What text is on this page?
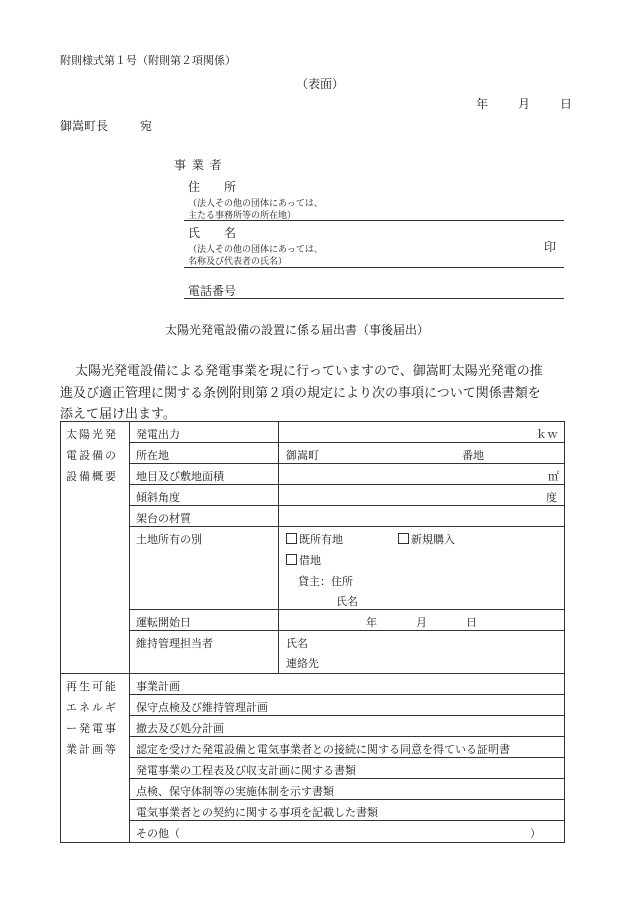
附則様式第１号（附則第２項関係）
（表面）
年 月 日
御嵩町長	宛
事 業 者
住　　所
（法人その他の団体にあっては、
主たる事務所等の所在地）
氏　　名
（法人その他の団体にあっては、
名称及び代表者の氏名）
印
電話番号
太陽光発電設備の設置に係る届出書（事後届出）
太陽光発電設備による発電事業を現に行っていますので、御嵩町太陽光発電の推
進及び適正管理に関する条例附則第２項の規定により次の事項について関係書類を
添えて届け出ます。
太陽光発
電設備の
設備概要
発電出力	ｋｗ
所在地	御嵩町	番地
地目及び敷地面積	㎡
傾斜角度	度
架台の材質
土地所有の別	既所有地	新規購入
借地
貸主：住所
氏名
運転開始日	年	月	日
維持管理担当者	氏名
連絡先
再生可能
エネルギ
ー発電事
業計画等
事業計画
保守点検及び維持管理計画
撤去及び処分計画
認定を受けた発電設備と電気事業者との接続に関する同意を得ている証明書
発電事業の工程表及び収支計画に関する書類
点検、保守体制等の実施体制を示す書類
電気事業者との契約に関する事項を記載した書類
その他（	）
